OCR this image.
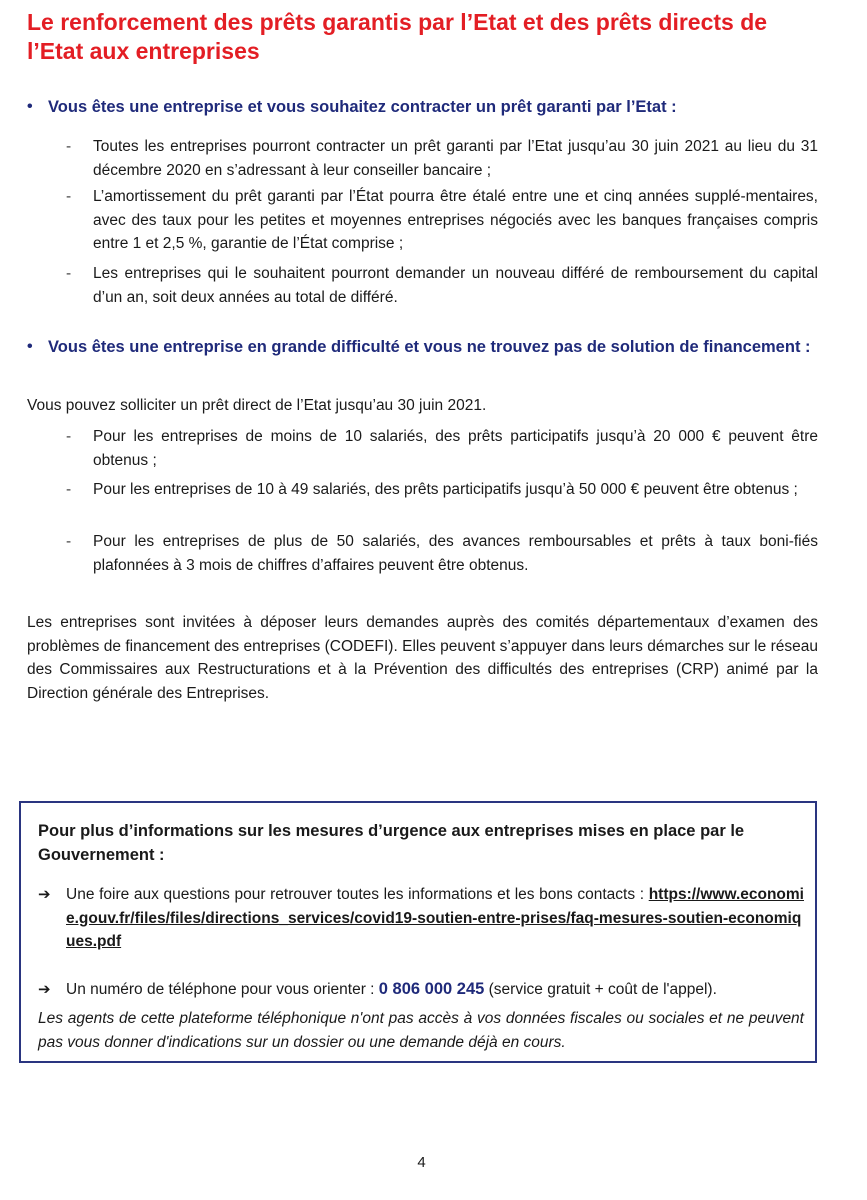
Le renforcement des prêts garantis par l’Etat et des prêts directs de l’Etat aux entreprises
• Vous êtes une entreprise et vous souhaitez contracter un prêt garanti par l’Etat :
- Toutes les entreprises pourront contracter un prêt garanti par l’Etat jusqu’au 30 juin 2021 au lieu du 31 décembre 2020 en s’adressant à leur conseiller bancaire ;
- L’amortissement du prêt garanti par l’État pourra être étalé entre une et cinq années supplé-mentaires, avec des taux pour les petites et moyennes entreprises négociés avec les banques françaises compris entre 1 et 2,5 %, garantie de l’État comprise ;
- Les entreprises qui le souhaitent pourront demander un nouveau différé de remboursement du capital d’un an, soit deux années au total de différé.
• Vous êtes une entreprise en grande difficulté et vous ne trouvez pas de solution de financement :

Vous pouvez solliciter un prêt direct de l’Etat jusqu’au 30 juin 2021.

- Pour les entreprises de moins de 10 salariés, des prêts participatifs jusqu’à 20 000 € peuvent être obtenus ;
- Pour les entreprises de 10 à 49 salariés, des prêts participatifs jusqu’à 50 000 € peuvent être obtenus ;
- Pour les entreprises de plus de 50 salariés, des avances remboursables et prêts à taux boni-fiés plafonnées à 3 mois de chiffres d’affaires peuvent être obtenus.

Les entreprises sont invitées à déposer leurs demandes auprès des comités départementaux d’examen des problèmes de financement des entreprises (CODEFI). Elles peuvent s’appuyer dans leurs démarches sur le réseau des Commissaires aux Restructurations et à la Prévention des difficultés des entreprises (CRP) animé par la Direction générale des Entreprises.

Pour plus d’informations sur les mesures d’urgence aux entreprises mises en place par le Gouvernement :

➔ Une foire aux questions pour retrouver toutes les informations et les bons contacts : https://www.economie.gouv.fr/files/files/directions_services/covid19-soutien-entre-prises/faq-mesures-soutien-economiques.pdf
➔ Un numéro de téléphone pour vous orienter : 0 806 000 245 (service gratuit + coût de l'appel).

Les agents de cette plateforme téléphonique n'ont pas accès à vos données fiscales ou sociales et ne peuvent pas vous donner d'indications sur un dossier ou une demande déjà en cours.

4
